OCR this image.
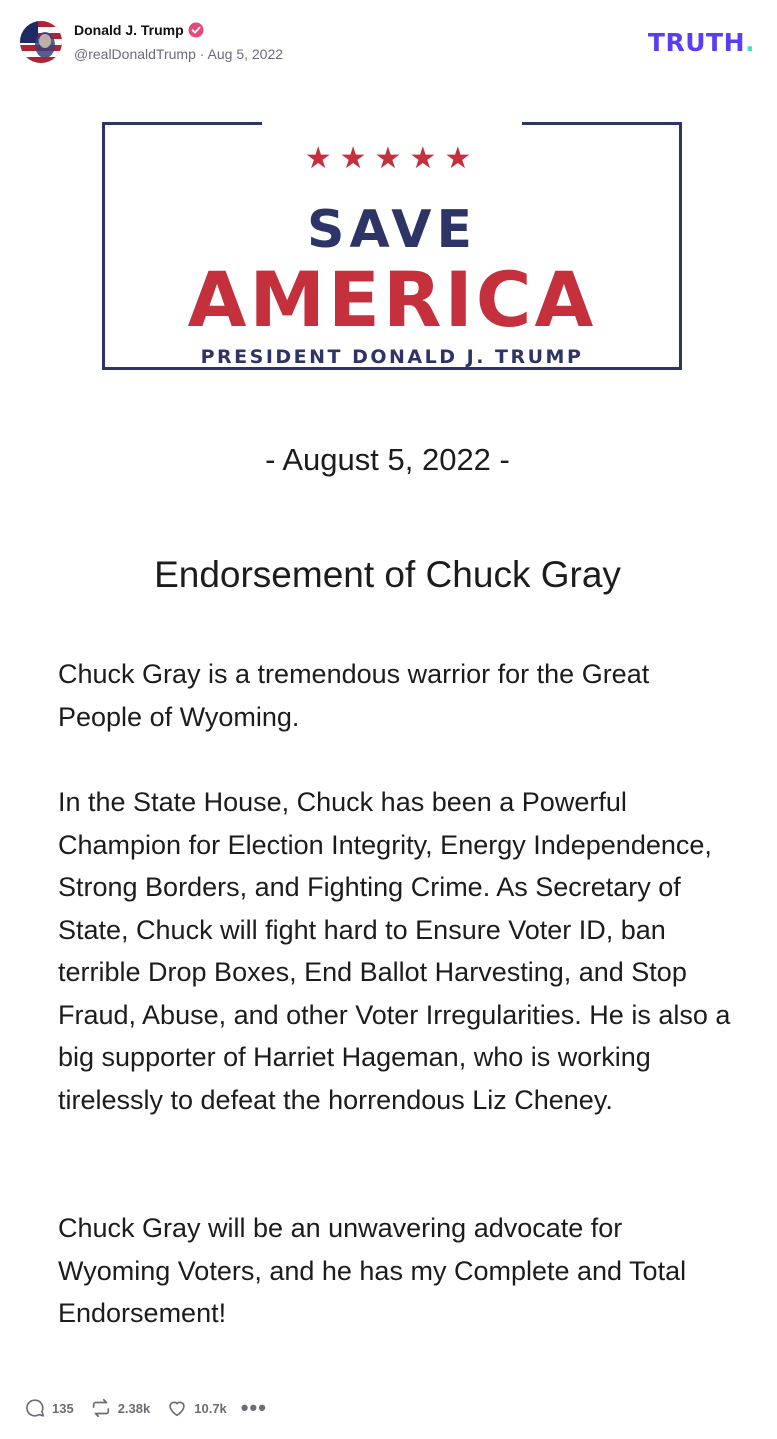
Donald J. Trump
@realDonaldTrump · Aug 5, 2022	TRUTH.
★★★★★
SAVE
AMERICA
PRESIDENT DONALD J. TRUMP
- August 5, 2022 -
Endorsement of Chuck Gray
Chuck Gray is a tremendous warrior for the Great People of Wyoming.
In the State House, Chuck has been a Powerful Champion for Election Integrity, Energy Independence, Strong Borders, and Fighting Crime. As Secretary of State, Chuck will fight hard to Ensure Voter ID, ban terrible Drop Boxes, End Ballot Harvesting, and Stop Fraud, Abuse, and other Voter Irregularities. He is also a big supporter of Harriet Hageman, who is working tirelessly to defeat the horrendous Liz Cheney.
Chuck Gray will be an unwavering advocate for Wyoming Voters, and he has my Complete and Total Endorsement!
135	2.38k	10.7k •••
